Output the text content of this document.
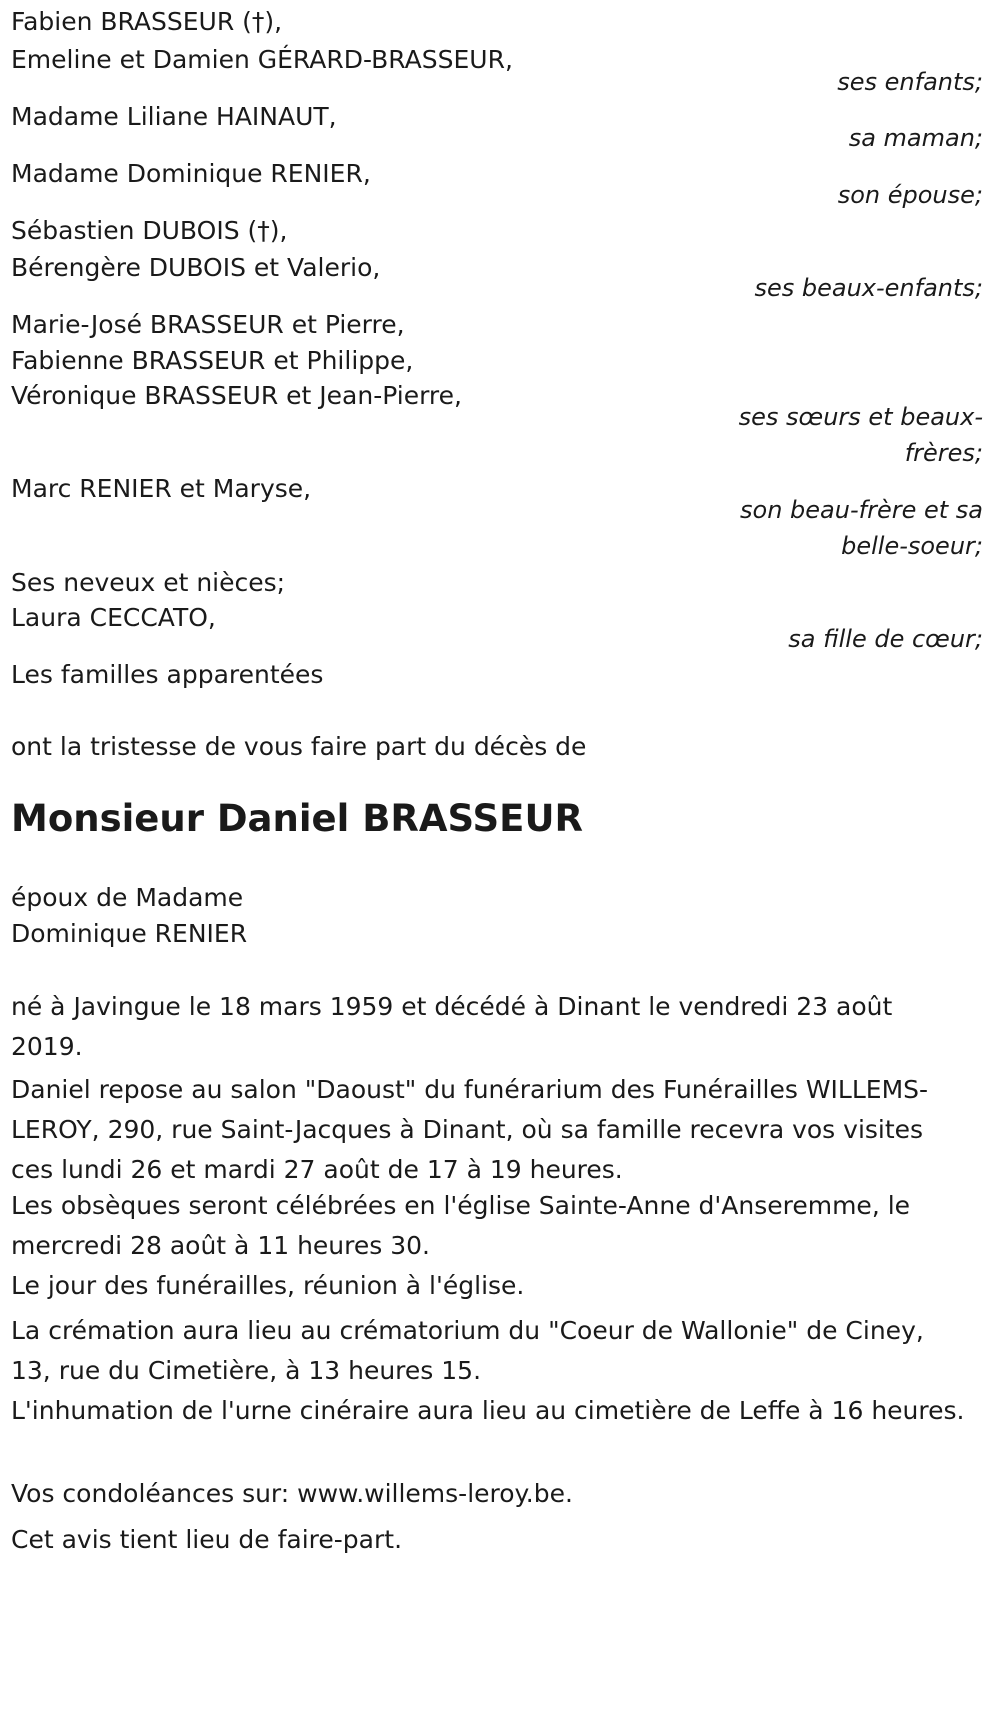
Fabien BRASSEUR (†),
Emeline et Damien GÉRARD-BRASSEUR,
ses enfants;
Madame Liliane HAINAUT,
sa maman;
Madame Dominique RENIER,
son épouse;
Sébastien DUBOIS (†),
Bérengère DUBOIS et Valerio,
ses beaux-enfants;
Marie-José BRASSEUR et Pierre,
Fabienne BRASSEUR et Philippe,
Véronique BRASSEUR et Jean-Pierre,
ses sœurs et beaux-
frères;
Marc RENIER et Maryse,
son beau-frère et sa
belle-soeur;
Ses neveux et nièces;
Laura CECCATO,
sa fille de cœur;
Les familles apparentées
ont la tristesse de vous faire part du décès de
Monsieur Daniel BRASSEUR
époux de Madame
Dominique RENIER
né à Javingue le 18 mars 1959 et décédé à Dinant le vendredi 23 août 2019.
Daniel repose au salon "Daoust" du funérarium des Funérailles WILLEMS-LEROY, 290, rue Saint-Jacques à Dinant, où sa famille recevra vos visites ces lundi 26 et mardi 27 août de 17 à 19 heures.
Les obsèques seront célébrées en l'église Sainte-Anne d'Anseremme, le mercredi 28 août à 11 heures 30.
Le jour des funérailles, réunion à l'église.
La crémation aura lieu au crématorium du "Coeur de Wallonie" de Ciney, 13, rue du Cimetière, à 13 heures 15.
L'inhumation de l'urne cinéraire aura lieu au cimetière de Leffe à 16 heures.
Vos condoléances sur: www.willems-leroy.be.
Cet avis tient lieu de faire-part.
